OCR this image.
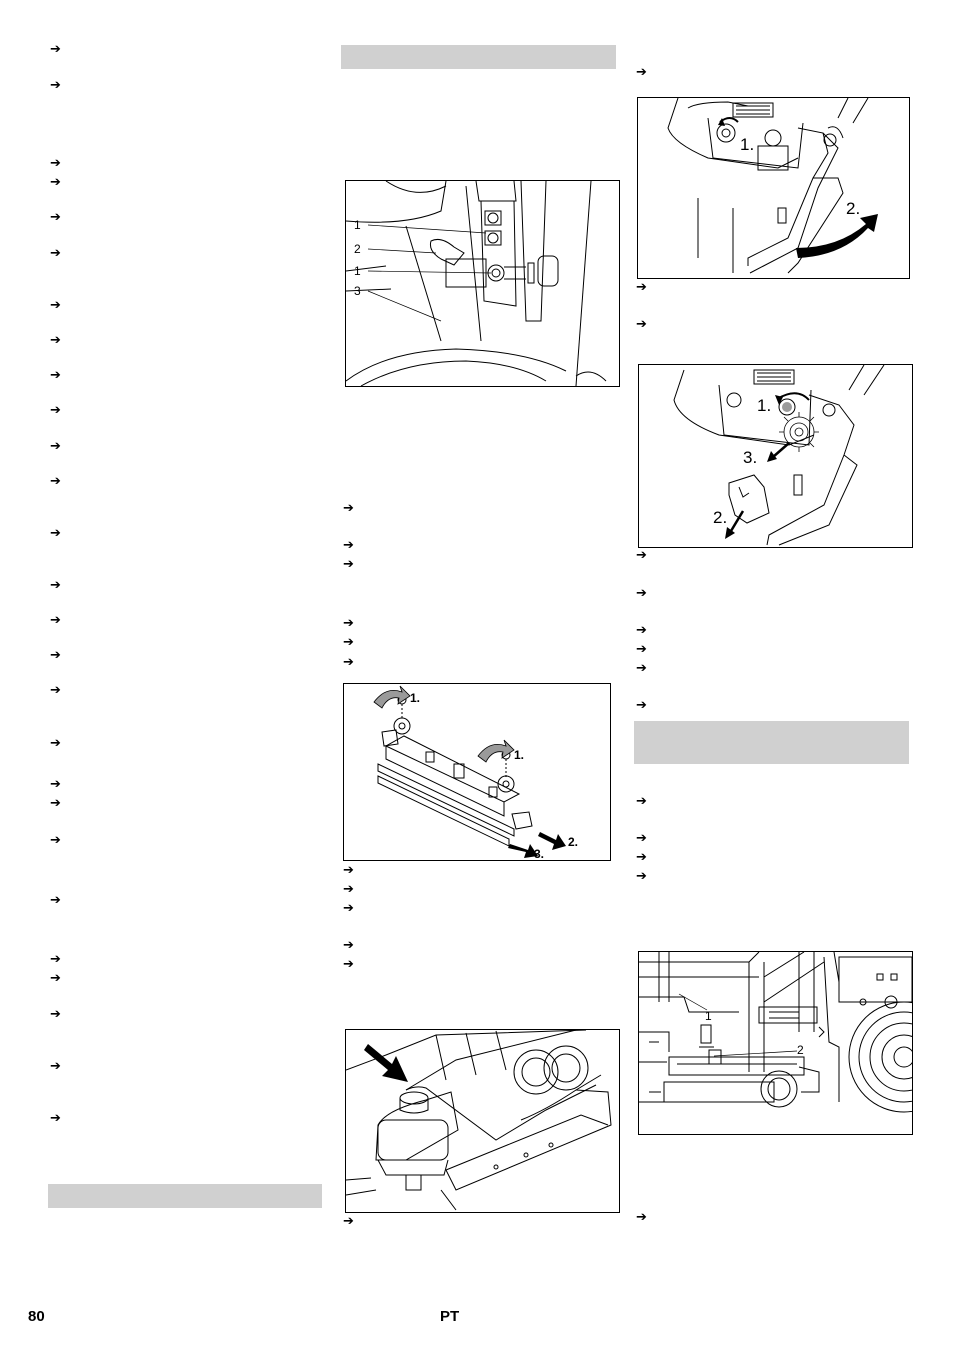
➔
➔
➔
➔
➔
➔
➔
➔
➔
➔
➔
➔
➔
➔
➔
➔
➔
➔
➔
➔
➔
➔
➔
➔
➔
➔
➔
➔
➔
➔
➔
➔
➔
➔
➔
➔
➔
➔
➔
➔
➔
➔
➔
➔
➔
➔
➔
➔
➔
➔
➔
➔
➔
1
2
1
3
1.
1.
2.
3.
1.
2.
1.
3.
2.
1
2
80	PT
